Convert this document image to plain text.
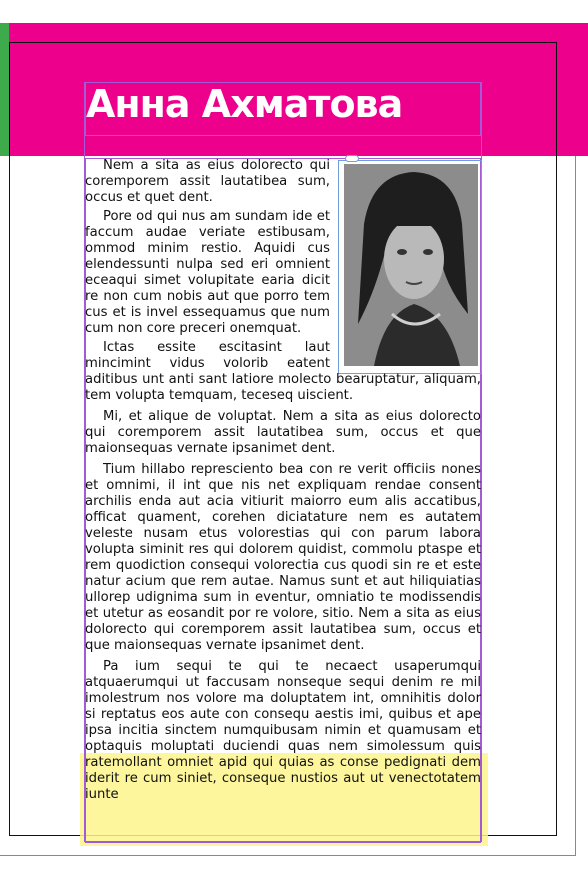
Анна Ахматова

Nem a sita as eius dolorecto qui coremporem assit lautatibea sum, occus et quet dent.

Pore od qui nus am sundam ide et faccum audae veriate estibusam, ommod minim restio. Aquidi cus elendessunti nulpa sed eri omnient eceaqui simet volupitate earia dicit re non cum nobis aut que porro tem cus et is invel essequamus que num cum non core preceri onemquat.

Ictas essite escitasint laut mincimint vidus volorib eatent

aditibus unt anti sant latiore molecto bearuptatur, aliquam, tem volupta temquam, teceseq uiscient.

Mi, et alique de voluptat. Nem a sita as eius dolorecto qui coremporem assit lautatibea sum, occus et que maionsequas vernate ipsanimet dent.

Tium hillabo represciento bea con re verit officiis nones et omnimi, il int que nis net expliquam rendae consent archilis enda aut acia vitiurit maiorro eum alis accatibus, officat quament, corehen diciatature nem es autatem veleste nusam etus volorestias qui con parum labora volupta siminit res qui dolorem quidist, commolu ptaspe et rem quodiction consequi volorectia cus quodi sin re et este natur acium que rem autae. Namus sunt et aut hiliquiatias ullorep udignima sum in eventur, omniatio te modissendis et utetur as eosandit por re volore, sitio. Nem a sita as eius dolorecto qui coremporem assit lautatibea sum, occus et que maionsequas vernate ipsanimet dent.

Pa ium sequi te qui te necaect usaperumqui atquaerumqui ut faccusam nonseque sequi denim re mil imolestrum nos volore ma doluptatem int, omnihitis dolor si reptatus eos aute con consequ aestis imi, quibus et ape ipsa incitia sinctem numquibusam nimin et quamusam et optaquis moluptati duciendi quas nem simolessum quis ratemollant omniet apid qui quias as conse pedignati dem iderit re cum siniet, conseque nustios aut ut venectotatem iunte
